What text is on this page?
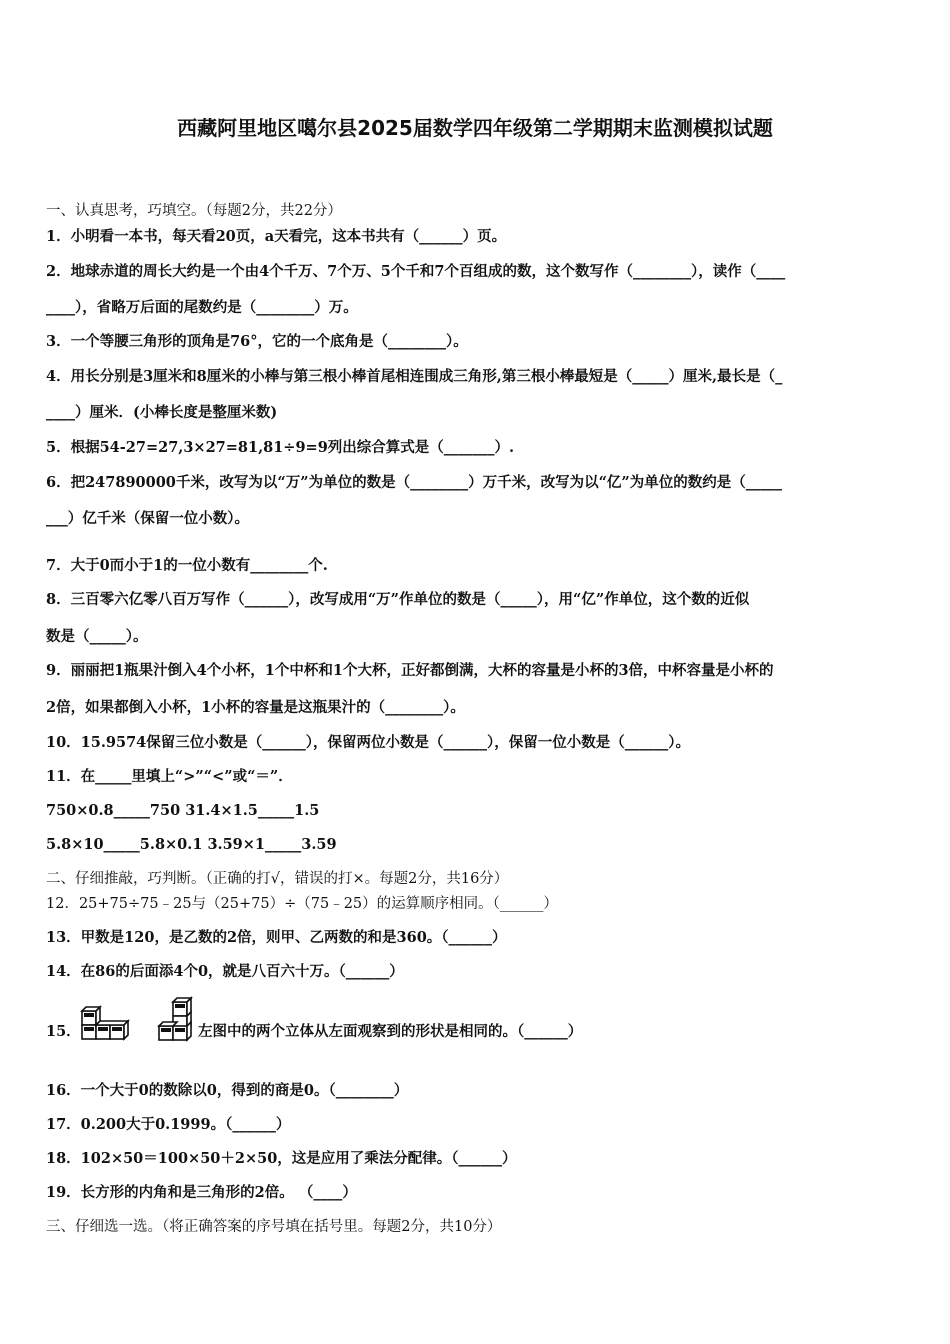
西藏阿里地区噶尔县2025届数学四年级第二学期期末监测模拟试题
一、认真思考，巧填空。（每题2分，共22分）
1．小明看一本书，每天看20页，a天看完，这本书共有（______）页。
2．地球赤道的周长大约是一个由4个千万、7个万、5个千和7个百组成的数，这个数写作（________），读作（____
____），省略万后面的尾数约是（________）万。
3．一个等腰三角形的顶角是76°，它的一个底角是（________）。
4．用长分别是3厘米和8厘米的小棒与第三根小棒首尾相连围成三角形,第三根小棒最短是（_____）厘米,最长是（_
____）厘米．(小棒长度是整厘米数)
5．根据54-27=27,3×27=81,81÷9=9列出综合算式是（_______）.
6．把247890000千米，改写为以“万”为单位的数是（________）万千米，改写为以“亿”为单位的数约是（_____
___）亿千米（保留一位小数）。
7．大于0而小于1的一位小数有________个.
8．三百零六亿零八百万写作（______），改写成用“万”作单位的数是（_____），用“亿”作单位，这个数的近似
数是（_____）。
9．丽丽把1瓶果汁倒入4个小杯，1个中杯和1个大杯，正好都倒满，大杯的容量是小杯的3倍，中杯容量是小杯的
2倍，如果都倒入小杯，1小杯的容量是这瓶果汁的（________）。
10．15.9574保留三位小数是（______），保留两位小数是（______），保留一位小数是（______）。
11．在_____里填上“>”“<”或“＝”．
750×0.8_____750 31.4×1.5_____1.5
5.8×10_____5.8×0.1 3.59×1_____3.59
二、仔细推敲，巧判断。（正确的打√，错误的打×。每题2分，共16分）
12．25+75÷75﹣25与（25+75）÷（75﹣25）的运算顺序相同。（______）
13．甲数是120，是乙数的2倍，则甲、乙两数的和是360。（______）
14．在86的后面添4个0，就是八百六十万。（______）
15．	左图中的两个立体从左面观察到的形状是相同的。（______）
16．一个大于0的数除以0，得到的商是0。（________）
17．0.200大于0.1999。（______）
18．102×50＝100×50＋2×50，这是应用了乘法分配律。（______）
19．长方形的内角和是三角形的2倍。 （____）
三、仔细选一选。（将正确答案的序号填在括号里。每题2分，共10分）
